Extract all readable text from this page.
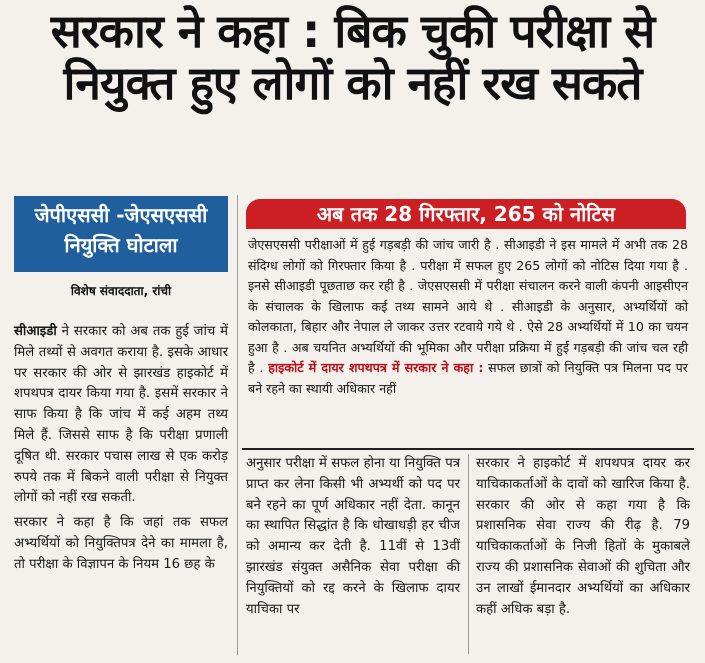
सरकार ने कहा : बिक चुकी परीक्षा से
नियुक्त हुए लोगों को नहीं रख सकते
जेपीएससी -जेएसएससी
नियुक्ति घोटाला
विशेष संवाददाता, रांची
अब तक 28 गिरफ्तार, 265 को नोटिस
जेएसएससी परीक्षाओं में हुई गड़बड़ी की जांच जारी है . सीआइडी ने इस मामले में अभी तक 28 संदिग्ध लोगों को गिरफ्तार किया है . परीक्षा में सफल हुए 265 लोगों को नोटिस दिया गया है . इनसे सीआइडी पूछताछ कर रही है . जेएसएससी में परीक्षा संचालन करने वाली कंपनी आइसीएन के संचालक के खिलाफ कई तथ्य सामने आये थे . सीआइडी के अनुसार, अभ्यर्थियों को कोलकाता, बिहार और नेपाल ले जाकर उत्तर रटवाये गये थे . ऐसे 28 अभ्यर्थियों में 10 का चयन हुआ है . अब चयनित अभ्यर्थियों की भूमिका और परीक्षा प्रक्रिया में हुई गड़बड़ी की जांच चल रही है . हाइकोर्ट में दायर शपथपत्र में सरकार ने कहा : सफल छात्रों को नियुक्ति पत्र मिलना पद पर बने रहने का स्थायी अधिकार नहीं

सीआइडी ने सरकार को अब तक हुई जांच में मिले तथ्यों से अवगत कराया है. इसके आधार पर सरकार की ओर से झारखंड हाइकोर्ट में शपथपत्र दायर किया गया है. इसमें सरकार ने साफ किया है कि जांच में कई अहम तथ्य मिले हैं. जिससे साफ है कि परीक्षा प्रणाली दूषित थी. सरकार पचास लाख से एक करोड़ रुपये तक में बिकने वाली परीक्षा से नियुक्त लोगों को नहीं रख सकती.

सरकार ने कहा है कि जहां तक सफल अभ्यर्थियों को नियुक्तिपत्र देने का मामला है, तो परीक्षा के विज्ञापन के नियम 16 छह के

अनुसार परीक्षा में सफल होना या नियुक्ति पत्र प्राप्त कर लेना किसी भी अभ्यर्थी को पद पर बने रहने का पूर्ण अधिकार नहीं देता. कानून का स्थापित सिद्धांत है कि धोखाधड़ी हर चीज को अमान्य कर देती है. 11वीं से 13वीं झारखंड संयुक्त असैनिक सेवा परीक्षा की नियुक्तियों को रद्द करने के खिलाफ दायर याचिका पर

सरकार ने हाइकोर्ट में शपथपत्र दायर कर याचिकाकर्ताओं के दावों को खारिज किया है. सरकार की ओर से कहा गया है कि प्रशासनिक सेवा राज्य की रीढ़ है. 79 याचिकाकर्ताओं के निजी हितों के मुकाबले राज्य की प्रशासनिक सेवाओं की शुचिता और उन लाखों ईमानदार अभ्यर्थियों का अधिकार कहीं अधिक बड़ा है.
